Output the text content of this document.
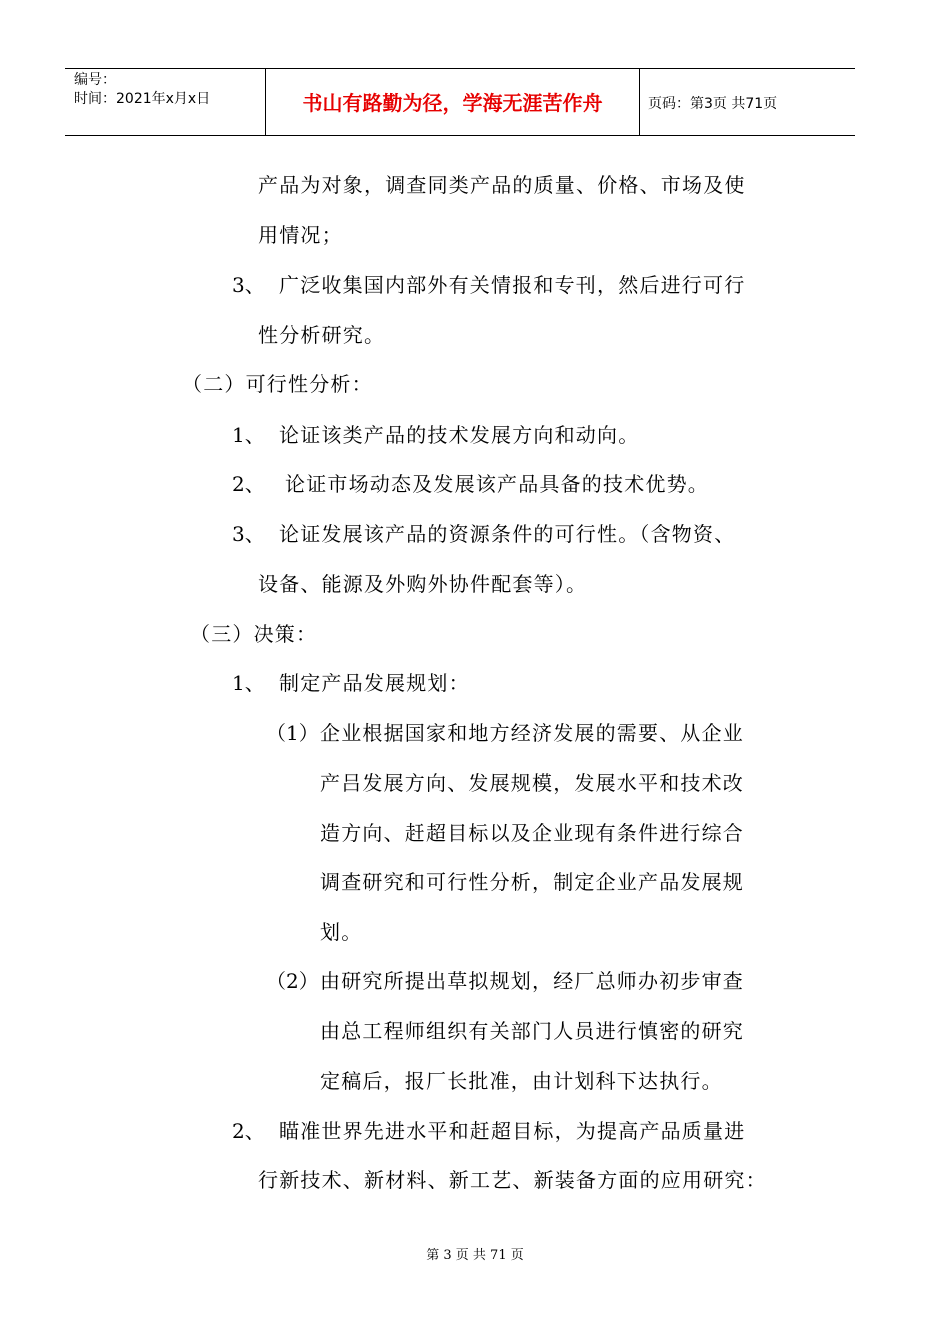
编号：
时间：2021年x月x日	书山有路勤为径，学海无涯苦作舟	页码：第3页 共71页
产品为对象，调查同类产品的质量、价格、市场及使
用情况；
3、 广泛收集国内部外有关情报和专刊，然后进行可行
性分析研究。
（二）可行性分析：
1、 论证该类产品的技术发展方向和动向。
2、 论证市场动态及发展该产品具备的技术优势。
3、 论证发展该产品的资源条件的可行性。（含物资、
设备、能源及外购外协件配套等）。
（三）决策：
1、 制定产品发展规划：
（1） 企业根据国家和地方经济发展的需要、从企业
产吕发展方向、发展规模，发展水平和技术改
造方向、赶超目标以及企业现有条件进行综合
调查研究和可行性分析，制定企业产品发展规
划。
（2） 由研究所提出草拟规划，经厂总师办初步审查
由总工程师组织有关部门人员进行慎密的研究
定稿后，报厂长批准，由计划科下达执行。
2、 瞄准世界先进水平和赶超目标，为提高产品质量进
行新技术、新材料、新工艺、新装备方面的应用研究：
第 3 页 共 71 页
